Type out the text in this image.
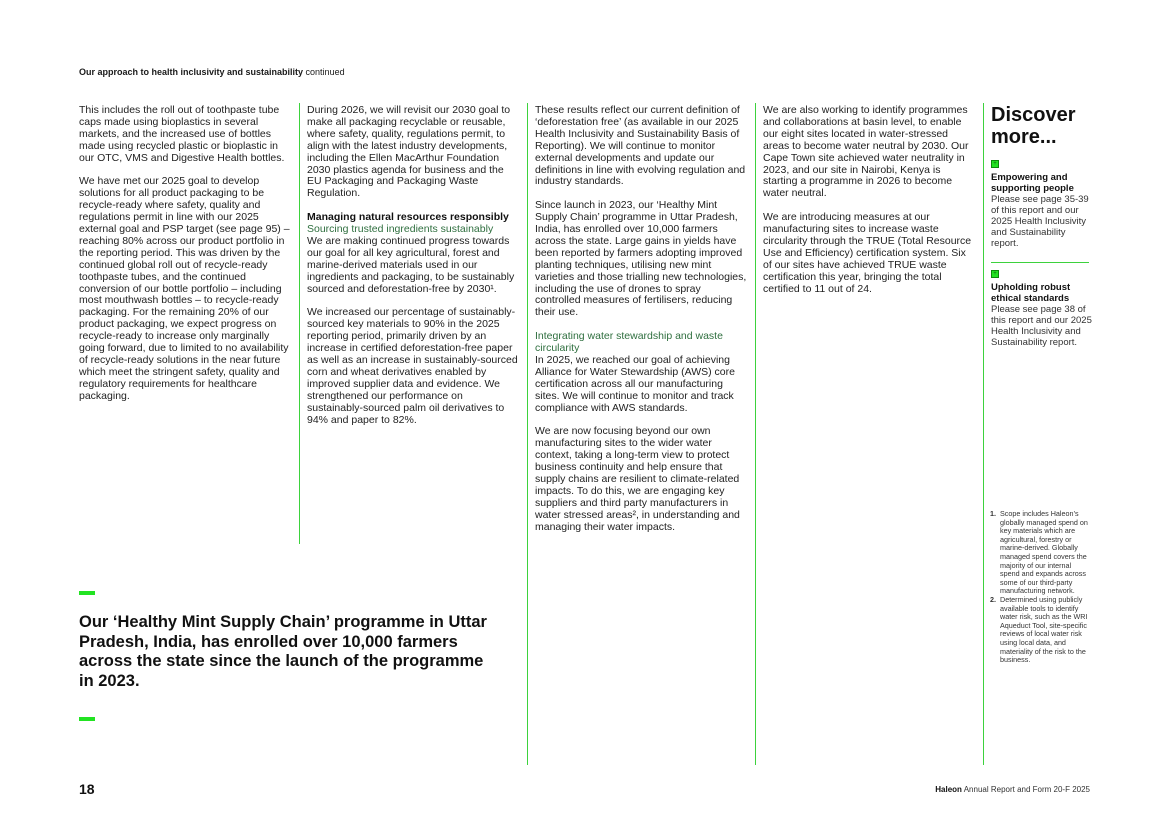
Our approach to health inclusivity and sustainability continued

This includes the roll out of toothpaste tube caps made using bioplastics in several markets, and the increased use of bottles made using recycled plastic or bioplastic in our OTC, VMS and Digestive Health bottles.

We have met our 2025 goal to develop solutions for all product packaging to be recycle-ready where safety, quality and regulations permit in line with our 2025 external goal and PSP target (see page 95) – reaching 80% across our product portfolio in the reporting period. This was driven by the continued global roll out of recycle-ready toothpaste tubes, and the continued conversion of our bottle portfolio – including most mouthwash bottles – to recycle-ready packaging. For the remaining 20% of our product packaging, we expect progress on recycle-ready to increase only marginally going forward, due to limited to no availability of recycle-ready solutions in the near future which meet the stringent safety, quality and regulatory requirements for healthcare packaging.

During 2026, we will revisit our 2030 goal to make all packaging recyclable or reusable, where safety, quality, regulations permit, to align with the latest industry developments, including the Ellen MacArthur Foundation 2030 plastics agenda for business and the EU Packaging and Packaging Waste Regulation.

Managing natural resources responsibly
Sourcing trusted ingredients sustainably
We are making continued progress towards our goal for all key agricultural, forest and marine-derived materials used in our ingredients and packaging, to be sustainably sourced and deforestation-free by 2030¹.

We increased our percentage of sustainably-sourced key materials to 90% in the 2025 reporting period, primarily driven by an increase in certified deforestation-free paper as well as an increase in sustainably-sourced corn and wheat derivatives enabled by improved supplier data and evidence. We strengthened our performance on sustainably-sourced palm oil derivatives to 94% and paper to 82%.

These results reflect our current definition of ‘deforestation free’ (as available in our 2025 Health Inclusivity and Sustainability Basis of Reporting). We will continue to monitor external developments and update our definitions in line with evolving regulation and industry standards.

Since launch in 2023, our ‘Healthy Mint Supply Chain’ programme in Uttar Pradesh, India, has enrolled over 10,000 farmers across the state. Large gains in yields have been reported by farmers adopting improved planting techniques, utilising new mint varieties and those trialling new technologies, including the use of drones to spray controlled measures of fertilisers, reducing their use.

Integrating water stewardship and waste circularity
In 2025, we reached our goal of achieving Alliance for Water Stewardship (AWS) core certification across all our manufacturing sites. We will continue to monitor and track compliance with AWS standards.

We are now focusing beyond our own manufacturing sites to the wider water context, taking a long-term view to protect business continuity and help ensure that supply chains are resilient to climate-related impacts. To do this, we are engaging key suppliers and third party manufacturers in water stressed areas², in understanding and managing their water impacts.

We are also working to identify programmes and collaborations at basin level, to enable our eight sites located in water-stressed areas to become water neutral by 2030. Our Cape Town site achieved water neutrality in 2023, and our site in Nairobi, Kenya is starting a programme in 2026 to become water neutral.

We are introducing measures at our manufacturing sites to increase waste circularity through the TRUE (Total Resource Use and Efficiency) certification system. Six of our sites have achieved TRUE waste certification this year, bringing the total certified to 11 out of 24.

Discover more...
+
Empowering and supporting people
Please see page 35-39 of this report and our 2025 Health Inclusivity and Sustainability report.
+
Upholding robust ethical standards
Please see page 38 of this report and our 2025 Health Inclusivity and Sustainability report.
1. Scope includes Haleon’s globally managed spend on key materials which are agricultural, forestry or marine-derived. Globally managed spend covers the majority of our internal spend and expands across some of our third-party manufacturing network.
2. Determined using publicly available tools to identify water risk, such as the WRI Aqueduct Tool, site-specific reviews of local water risk using local data, and materiality of the risk to the business.
Our ‘Healthy Mint Supply Chain’ programme in Uttar Pradesh, India, has enrolled over 10,000 farmers across the state since the launch of the programme in 2023.
18	Haleon Annual Report and Form 20-F 2025
